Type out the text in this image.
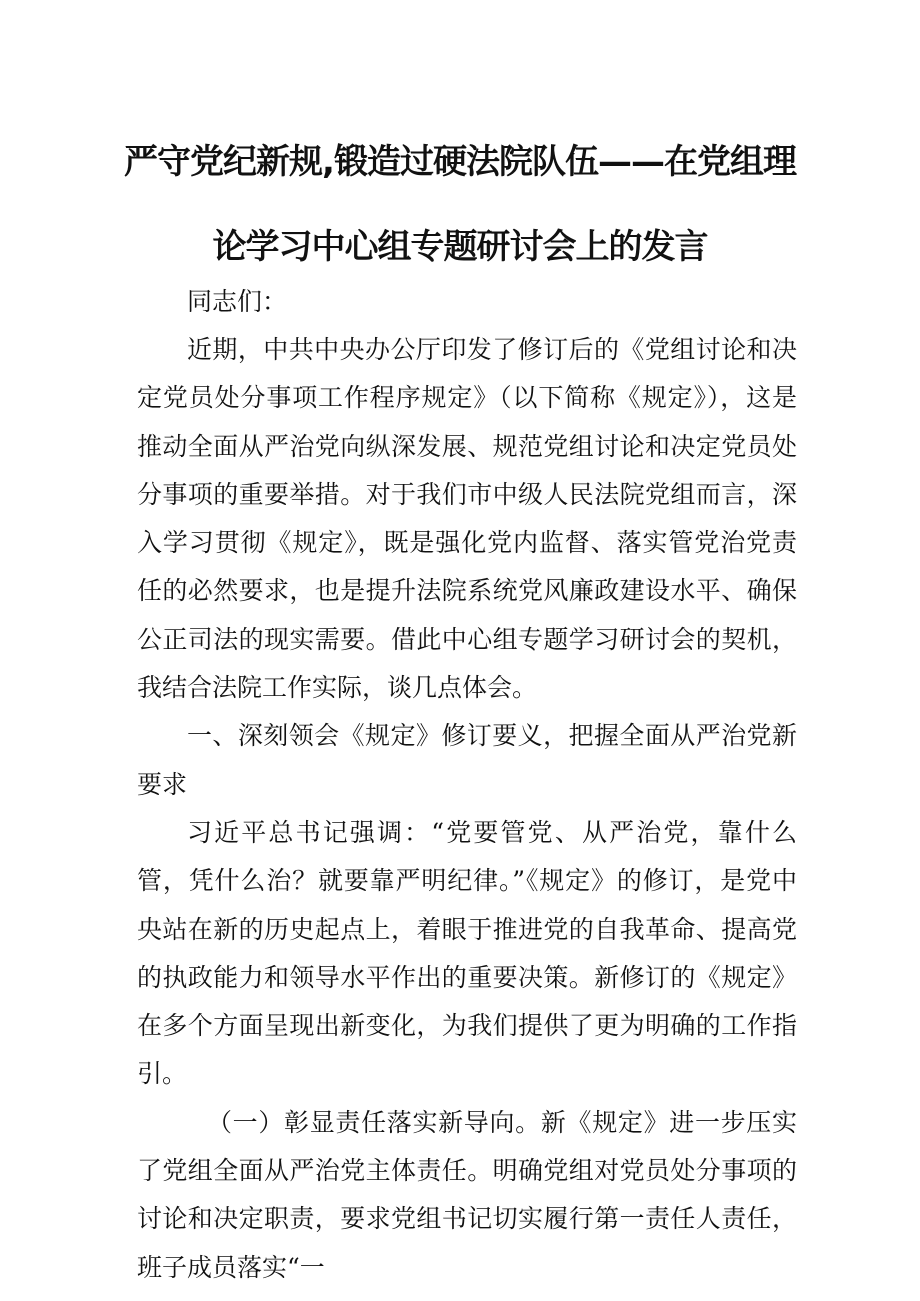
严守党纪新规,锻造过硬法院队伍——在党组理
论学习中心组专题研讨会上的发言

同志们：

近期，中共中央办公厅印发了修订后的《党组讨论和决定党员处分事项工作程序规定》（以下简称《规定》），这是推动全面从严治党向纵深发展、规范党组讨论和决定党员处分事项的重要举措。对于我们市中级人民法院党组而言，深入学习贯彻《规定》，既是强化党内监督、落实管党治党责任的必然要求，也是提升法院系统党风廉政建设水平、确保公正司法的现实需要。借此中心组专题学习研讨会的契机，我结合法院工作实际，谈几点体会。

一、深刻领会《规定》修订要义，把握全面从严治党新要求

习近平总书记强调：“党要管党、从严治党，靠什么管，凭什么治？就要靠严明纪律。”《规定》的修订，是党中央站在新的历史起点上，着眼于推进党的自我革命、提高党的执政能力和领导水平作出的重要决策。新修订的《规定》在多个方面呈现出新变化，为我们提供了更为明确的工作指引。

（一）彰显责任落实新导向。新《规定》进一步压实了党组全面从严治党主体责任。明确党组对党员处分事项的讨论和决定职责，要求党组书记切实履行第一责任人责任，班子成员落实“一
